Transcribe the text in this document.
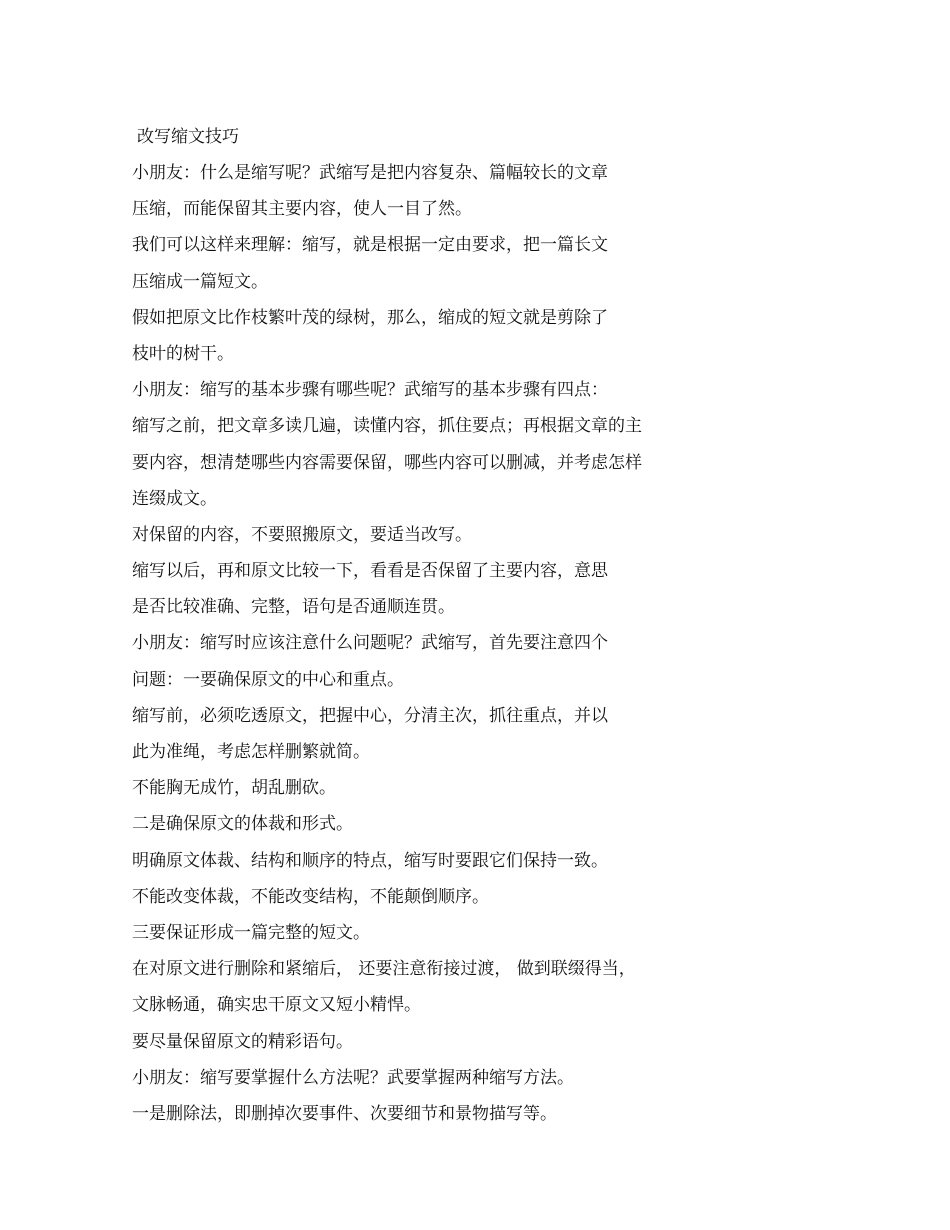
改写缩文技巧
小朋友：什么是缩写呢？武缩写是把内容复杂、篇幅较长的文章
压缩，而能保留其主要内容，使人一目了然。
我们可以这样来理解：缩写，就是根据一定由要求，把一篇长文
压缩成一篇短文。
假如把原文比作枝繁叶茂的绿树，那么，缩成的短文就是剪除了
枝叶的树干。
小朋友：缩写的基本步骤有哪些呢？武缩写的基本步骤有四点：
缩写之前，把文章多读几遍，读懂内容，抓住要点；再根据文章的主
要内容，想清楚哪些内容需要保留，哪些内容可以删减，并考虑怎样
连缀成文。
对保留的内容，不要照搬原文，要适当改写。
缩写以后，再和原文比较一下，看看是否保留了主要内容，意思
是否比较准确、完整，语句是否通顺连贯。
小朋友：缩写时应该注意什么问题呢？武缩写，首先要注意四个
问题：一要确保原文的中心和重点。
缩写前，必须吃透原文，把握中心，分清主次，抓往重点，并以
此为准绳，考虑怎样删繁就简。
不能胸无成竹，胡乱删砍。
二是确保原文的体裁和形式。
明确原文体裁、结构和顺序的特点，缩写时要跟它们保持一致。
不能改变体裁，不能改变结构，不能颠倒顺序。
三要保证形成一篇完整的短文。
在对原文进行删除和紧缩后， 还要注意衔接过渡， 做到联缀得当，
文脉畅通，确实忠干原文又短小精悍。
要尽量保留原文的精彩语句。
小朋友：缩写要掌握什么方法呢？武要掌握两种缩写方法。
一是删除法，即删掉次要事件、次要细节和景物描写等。
